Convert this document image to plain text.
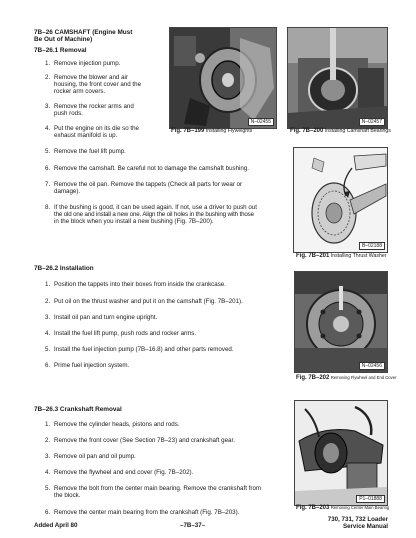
7B–26 CAMSHAFT (Engine Must
Be Out of Machine)
7B–26.1 Removal
1. Remove injection pump.
2. Remove the blower and air
housing, the front cover and the
rocker arm covers.
3. Remove the rocker arms and
push rods.
4. Put the engine on its die so the
exhaust manifold is up.
5. Remove the fuel lift pump.
6. Remove the camshaft. Be careful not to damage the camshaft bushing.
7. Remove the oil pan. Remove the tappets (Check all parts for wear or
damage).
8. If the bushing is good, it can be used again. If not, use a driver to push out
the old one and install a new one. Align the oil holes in the bushing with those
in the block when you install a new bushing (Fig. 7B–200).
7B–26.2 Installation
1. Position the tappets into their boxes from inside the crankcase.
2. Put oil on the thrust washer and put it on the camshaft (Fig. 7B–201).
3. Install oil pan and turn engine upright.
4. Install the fuel lift pump, push rods and rocker arms.
5. Install the fuel injection pump (7B–16.8) and other parts removed.
6. Prime fuel injection system.
7B–26.3 Crankshaft Removal
1. Remove the cylinder heads, pistons and rods.
2. Remove the front cover (See Section 7B–23) and crankshaft gear.
3. Remove oil pan and oil pump.
4. Remove the flywheel and end cover (Fig. 7B–202).
5. Remove the bolt from the center main bearing. Remove the crankshaft from
the block.
6. Remove the center main bearing from the crankshaft (Fig. 7B–203).
N–02455
Fig. 7B–199 Installing Flyweights
N–02457
Fig. 7B–200 Installing Camshaft Bearings
B–02188
Fig. 7B–201 Installing Thrust Washer
N–02456
Fig. 7B–202 Removing Flywheel and End Cover
P1–01888
Fig. 7B–203 Removing Center Main Bearing
Added April 80	–7B–37–
730, 731, 732 Loader
Service Manual
